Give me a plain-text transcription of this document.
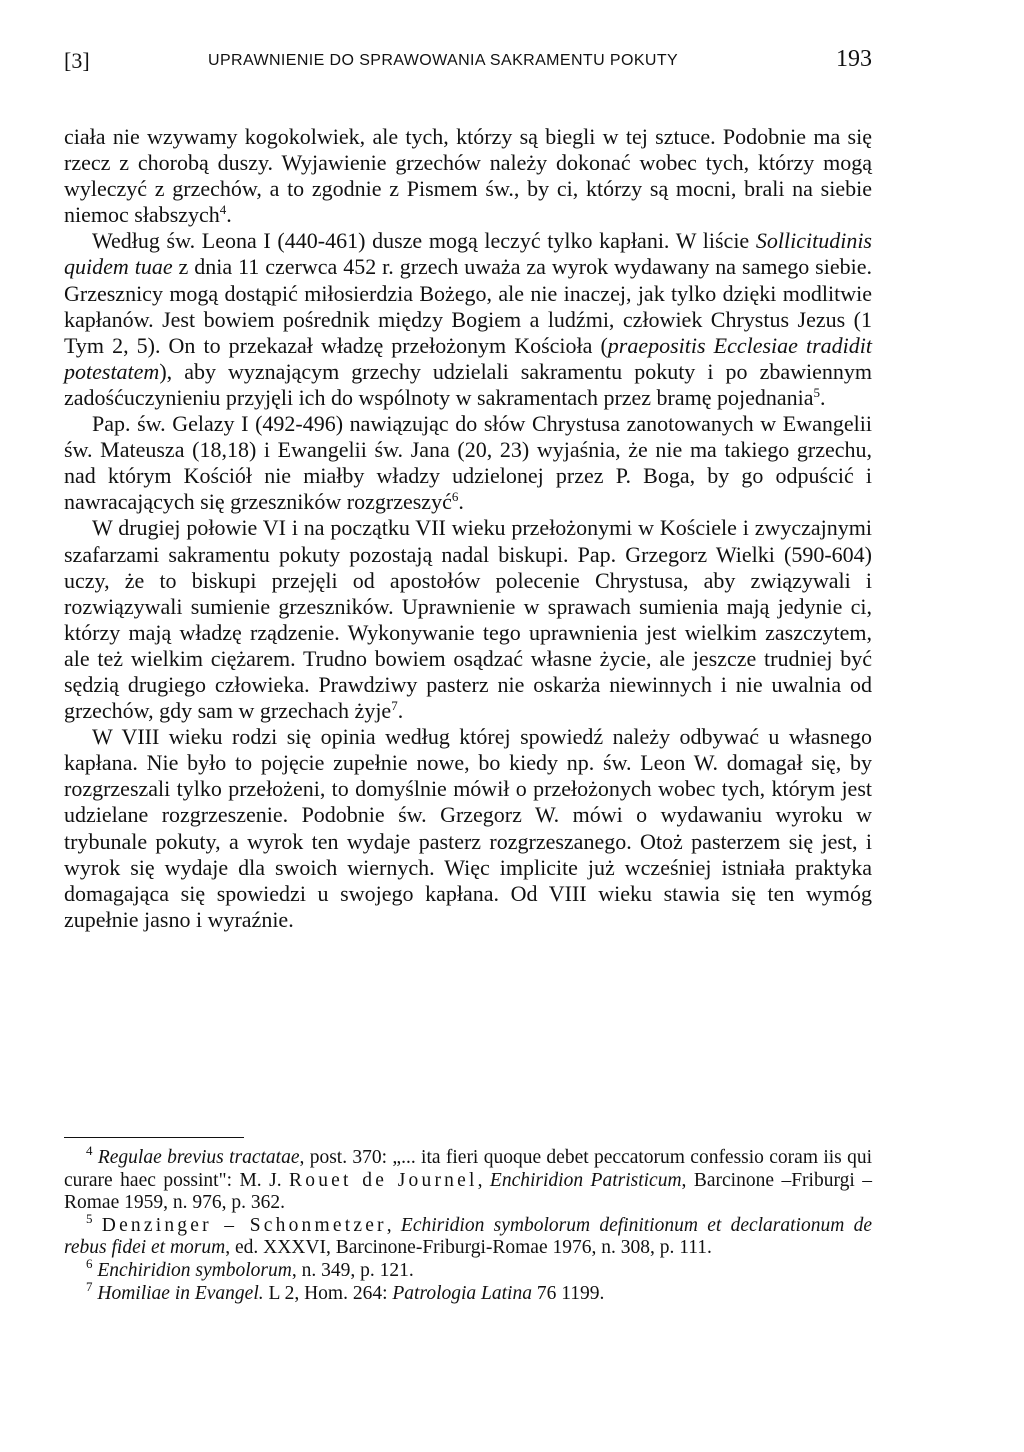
[3]	UPRAWNIENIE DO SPRAWOWANIA SAKRAMENTU POKUTY	193

ciała nie wzywamy kogokolwiek, ale tych, którzy są biegli w tej sztuce. Podobnie ma się rzecz z chorobą duszy. Wyjawienie grzechów należy dokonać wobec tych, którzy mogą wyleczyć z grzechów, a to zgodnie z Pismem św., by ci, którzy są mocni, brali na siebie niemoc słabszych$^4$.

Według św. Leona I (440-461) dusze mogą leczyć tylko kapłani. W liście Sollicitudinis quidem tuae z dnia 11 czerwca 452 r. grzech uważa za wyrok wydawany na samego siebie. Grzesznicy mogą dostąpić miłosierdzia Bożego, ale nie inaczej, jak tylko dzięki modlitwie kapłanów. Jest bowiem pośrednik między Bogiem a ludźmi, człowiek Chrystus Jezus (1 Tym 2, 5). On to przekazał władzę przełożonym Kościoła (praepositis Ecclesiae tradidit potestatem), aby wyznającym grzechy udzielali sakramentu pokuty i po zbawiennym zadośćuczynieniu przyjęli ich do wspólnoty w sakramentach przez bramę pojednania$^5$.

Pap. św. Gelazy I (492-496) nawiązując do słów Chrystusa zanotowanych w Ewangelii św. Mateusza (18,18) i Ewangelii św. Jana (20, 23) wyjaśnia, że nie ma takiego grzechu, nad którym Kościół nie miałby władzy udzielonej przez P. Boga, by go odpuścić i nawracających się grzeszników rozgrzeszyć$^6$.

W drugiej połowie VI i na początku VII wieku przełożonymi w Kościele i zwyczajnymi szafarzami sakramentu pokuty pozostają nadal biskupi. Pap. Grzegorz Wielki (590-604) uczy, że to biskupi przejęli od apostołów polecenie Chrystusa, aby związywali i rozwiązywali sumienie grzeszników. Uprawnienie w sprawach sumienia mają jedynie ci, którzy mają władzę rządzenie. Wykonywanie tego uprawnienia jest wielkim zaszczytem, ale też wielkim ciężarem. Trudno bowiem osądzać własne życie, ale jeszcze trudniej być sędzią drugiego człowieka. Prawdziwy pasterz nie oskarża niewinnych i nie uwalnia od grzechów, gdy sam w grzechach żyje$^7$.

W VIII wieku rodzi się opinia według której spowiedź należy odbywać u własnego kapłana. Nie było to pojęcie zupełnie nowe, bo kiedy np. św. Leon W. domagał się, by rozgrzeszali tylko przełożeni, to domyślnie mówił o przełożonych wobec tych, którym jest udzielane rozgrzeszenie. Podobnie św. Grzegorz W. mówi o wydawaniu wyroku w trybunale pokuty, a wyrok ten wydaje pasterz rozgrzeszanego. Otoż pasterzem się jest, i wyrok się wydaje dla swoich wiernych. Więc implicite już wcześniej istniała praktyka domagająca się spowiedzi u swojego kapłana. Od VIII wieku stawia się ten wymóg zupełnie jasno i wyraźnie.

$^4$ Regulae brevius tractatae, post. 370: „... ita fieri quoque debet peccatorum confessio coram iis qui curare haec possint": M. J. Rouet de Journel, Enchiridion Patristicum, Barcinone –Friburgi – Romae 1959, n. 976, p. 362.

$^5$ Denzinger – Schonmetzer, Echiridion symbolorum definitionum et declarationum de rebus fidei et morum, ed. XXXVI, Barcinone-Friburgi-Romae 1976, n. 308, p. 111.

$^6$ Enchiridion symbolorum, n. 349, p. 121.

$^7$ Homiliae in Evangel. L 2, Hom. 264: Patrologia Latina 76 1199.
